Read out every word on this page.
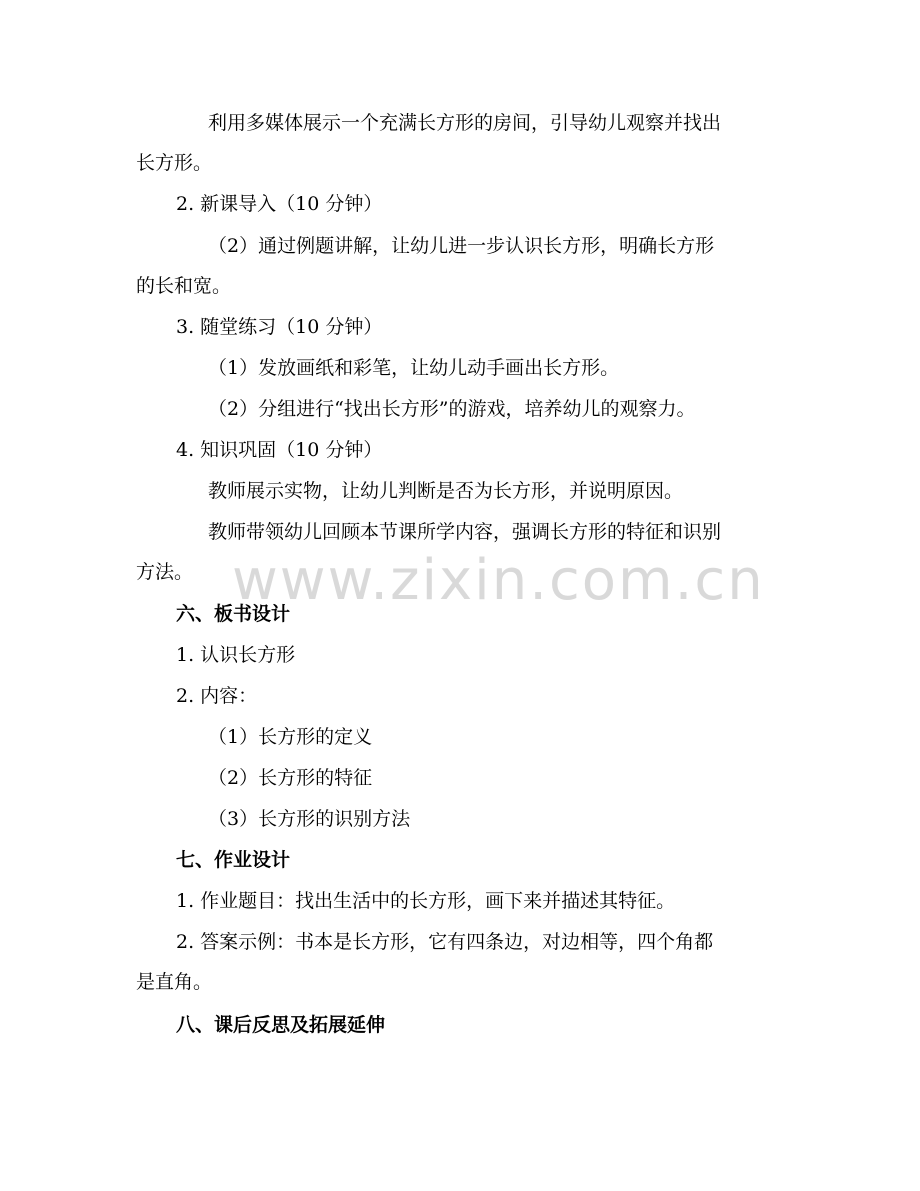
利用多媒体展示一个充满长方形的房间，引导幼儿观察并找出
长方形。
2. 新课导入（10 分钟）
（2）通过例题讲解，让幼儿进一步认识长方形，明确长方形
的长和宽。
3. 随堂练习（10 分钟）
（1）发放画纸和彩笔，让幼儿动手画出长方形。
（2）分组进行“找出长方形”的游戏，培养幼儿的观察力。
4. 知识巩固（10 分钟）
教师展示实物，让幼儿判断是否为长方形，并说明原因。
教师带领幼儿回顾本节课所学内容，强调长方形的特征和识别
方法。
六、板书设计
1. 认识长方形
2. 内容：
（1）长方形的定义
（2）长方形的特征
（3）长方形的识别方法
七、作业设计
1. 作业题目：找出生活中的长方形，画下来并描述其特征。
2. 答案示例：书本是长方形，它有四条边，对边相等，四个角都
是直角。
八、课后反思及拓展延伸
www.zixin.com.cn
